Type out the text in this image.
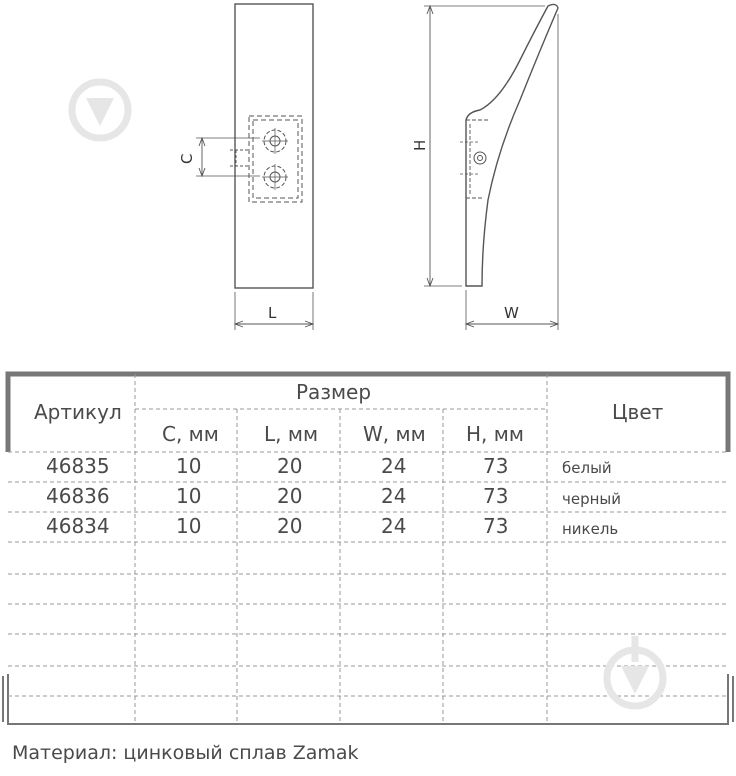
C
L
H
W
Артикул
Размер
Цвет
C, мм L, мм W, мм H, мм
46835	10	20	24	73	белый
46836	10	20	24	73	черный
46834	10	20	24	73	никель
Материал: цинковый сплав Zamak
